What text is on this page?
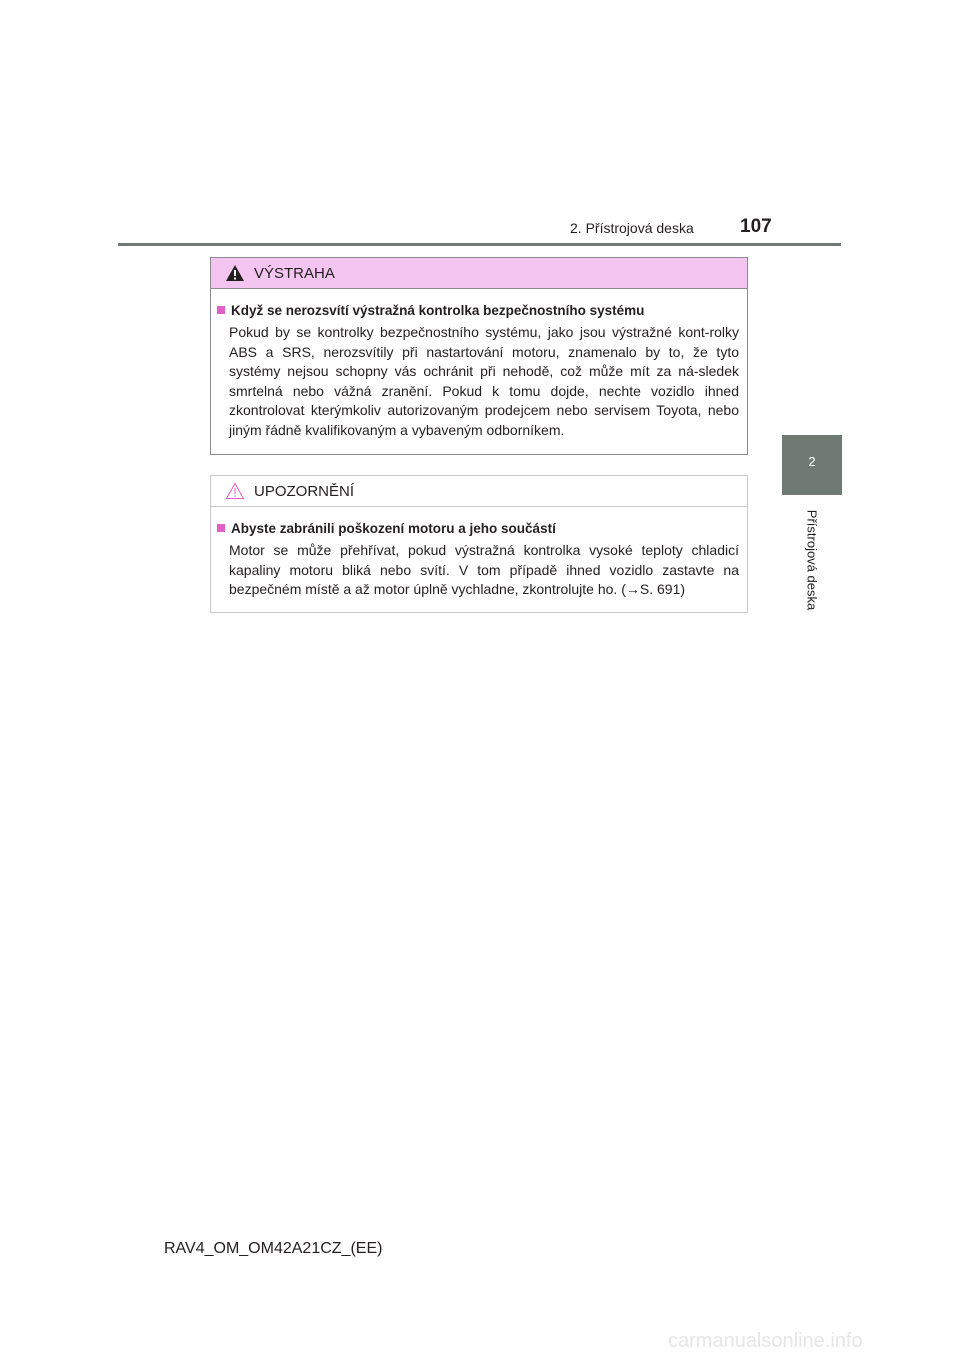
2. Přístrojová deska 107
2
Přístrojová deska
VÝSTRAHA
Když se nerozsvítí výstražná kontrolka bezpečnostního systému
Pokud by se kontrolky bezpečnostního systému, jako jsou výstražné kont-rolky ABS a SRS, nerozsvítily při nastartování motoru, znamenalo by to, že tyto systémy nejsou schopny vás ochránit při nehodě, což může mít za ná-sledek smrtelná nebo vážná zranění. Pokud k tomu dojde, nechte vozidlo ihned zkontrolovat kterýmkoliv autorizovaným prodejcem nebo servisem Toyota, nebo jiným řádně kvalifikovaným a vybaveným odborníkem.
UPOZORNĚNÍ
Abyste zabránili poškození motoru a jeho součástí
Motor se může přehřívat, pokud výstražná kontrolka vysoké teploty chladicí kapaliny motoru bliká nebo svítí. V tom případě ihned vozidlo zastavte na bezpečném místě a až motor úplně vychladne, zkontrolujte ho. (→S. 691)
RAV4_OM_OM42A21CZ_(EE)
carmanualsonline.info
